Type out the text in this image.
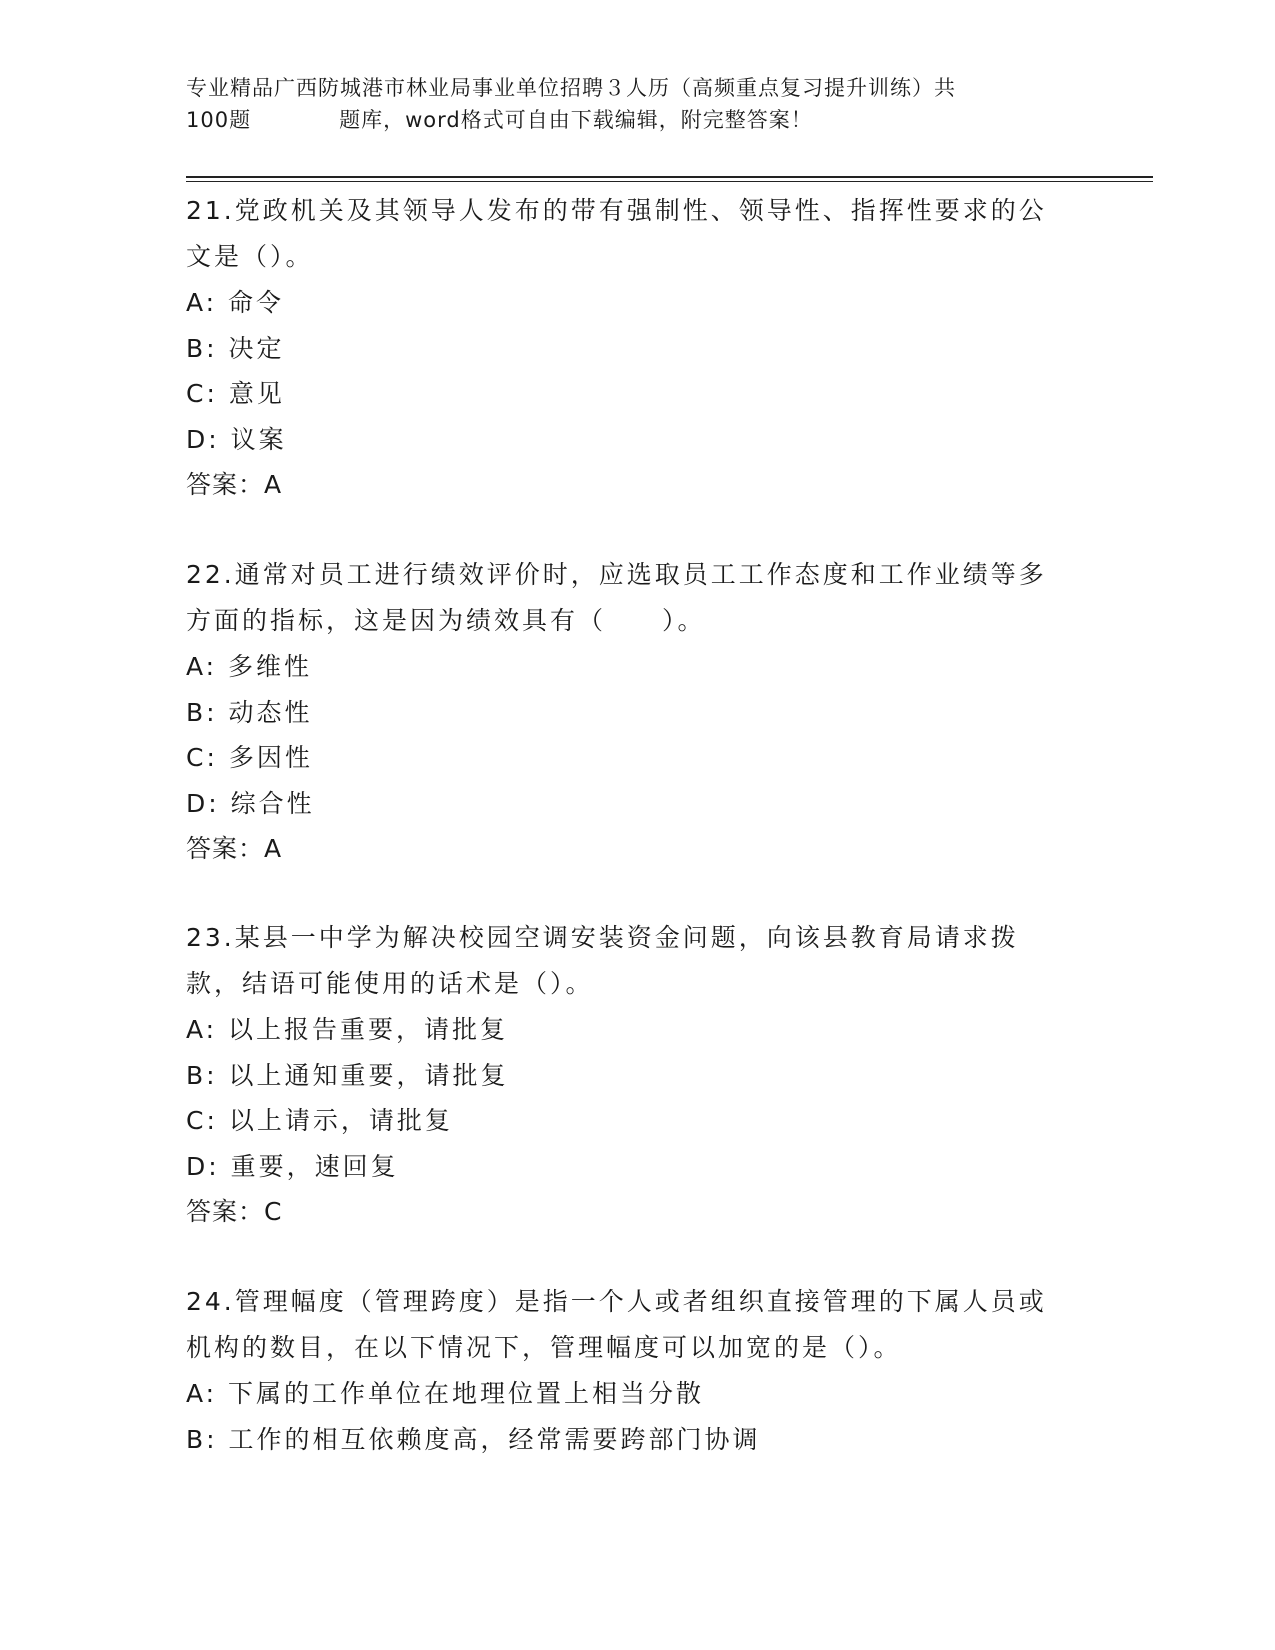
专业精品广西防城港市林业局事业单位招聘３人历（高频重点复习提升训练）共
100题　　　　题库，word格式可自由下载编辑，附完整答案！

21.党政机关及其领导人发布的带有强制性、领导性、指挥性要求的公文是（）。

A: 命令

B: 决定

C: 意见

D: 议案

答案：A

22.通常对员工进行绩效评价时，应选取员工工作态度和工作业绩等多方面的指标，这是因为绩效具有（　　）。

A: 多维性

B: 动态性

C: 多因性

D: 综合性

答案：A

23.某县一中学为解决校园空调安装资金问题，向该县教育局请求拨款，结语可能使用的话术是（）。

A: 以上报告重要，请批复

B: 以上通知重要，请批复

C: 以上请示，请批复

D: 重要，速回复

答案：C

24.管理幅度（管理跨度）是指一个人或者组织直接管理的下属人员或机构的数目，在以下情况下，管理幅度可以加宽的是（）。

A: 下属的工作单位在地理位置上相当分散

B: 工作的相互依赖度高，经常需要跨部门协调
